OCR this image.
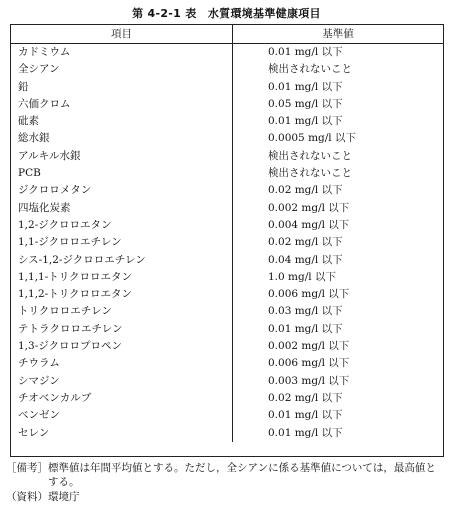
第 4-2-1 表　水質環境基準健康項目
項目	基準値
カドミウム	0.01 mg/l 以下
全シアン	検出されないこと
鉛	0.01 mg/l 以下
六価クロム	0.05 mg/l 以下
砒素	0.01 mg/l 以下
総水銀	0.0005 mg/l 以下
アルキル水銀	検出されないこと
PCB	検出されないこと
ジクロロメタン	0.02 mg/l 以下
四塩化炭素	0.002 mg/l 以下
1,2-ジクロロエタン	0.004 mg/l 以下
1,1-ジクロロエチレン	0.02 mg/l 以下
シス-1,2-ジクロロエチレン	0.04 mg/l 以下
1,1,1-トリクロロエタン	1.0 mg/l 以下
1,1,2-トリクロロエタン	0.006 mg/l 以下
トリクロロエチレン	0.03 mg/l 以下
テトラクロロエチレン	0.01 mg/l 以下
1,3-ジクロロプロペン	0.002 mg/l 以下
チウラム	0.006 mg/l 以下
シマジン	0.003 mg/l 以下
チオベンカルブ	0.02 mg/l 以下
ベンゼン	0.01 mg/l 以下
セレン	0.01 mg/l 以下
［備考］ 標準値は年間平均値とする。ただし，全シアンに係る基準値については，最高値とする。
（資料）環境庁
